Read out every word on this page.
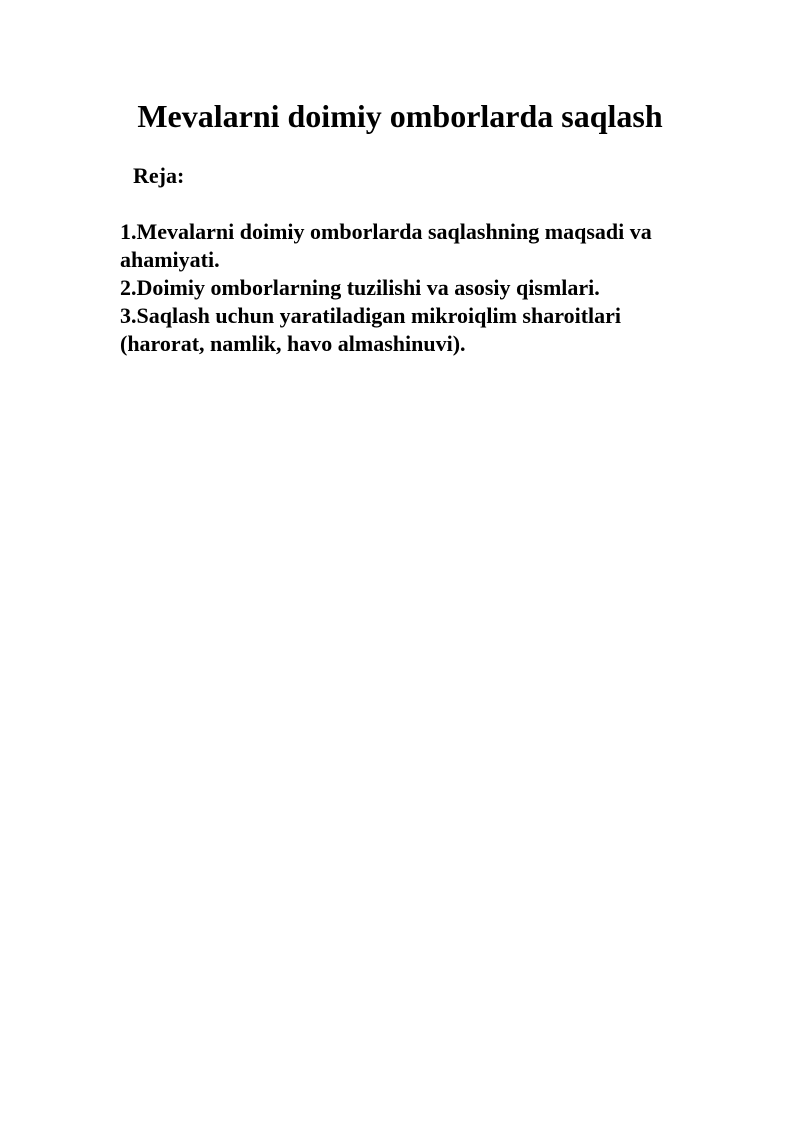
Mevalarni doimiy omborlarda saqlash
Reja:
1.Mevalarni doimiy omborlarda saqlashning maqsadi va ahamiyati.
2.Doimiy omborlarning tuzilishi va asosiy qismlari.
3.Saqlash uchun yaratiladigan mikroiqlim sharoitlari (harorat, namlik, havo almashinuvi).
